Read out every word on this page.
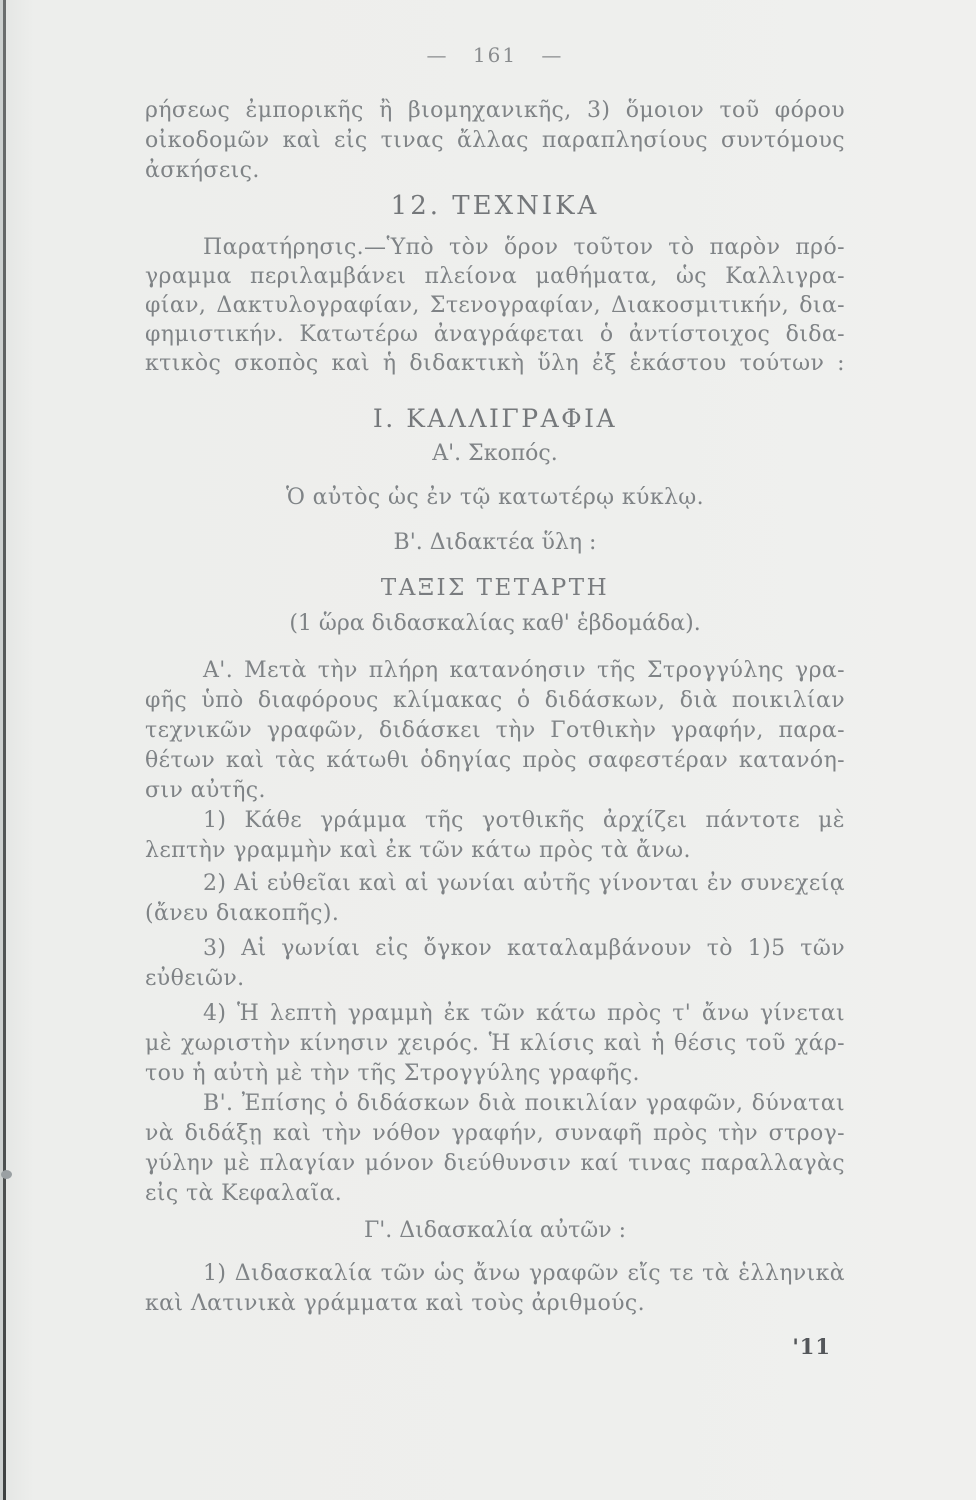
— 161 —
ρήσεως ἐμπορικῆς ἢ βιομηχανικῆς, 3) ὅμοιον τοῦ φόρου
οἰκοδομῶν καὶ εἰς τινας ἄλλας παραπλησίους συντόμους
ἀσκήσεις.
12. ΤΕΧΝΙΚΑ
Παρατήρησις.—Ὑπὸ τὸν ὅρον τοῦτον τὸ παρὸν πρό-
γραμμα περιλαμβάνει πλείονα μαθήματα, ὡς Καλλιγρα-
φίαν, Δακτυλογραφίαν, Στενογραφίαν, Διακοσμιτικήν, δια-
φημιστικήν. Κατωτέρω ἀναγράφεται ὁ ἀντίστοιχος διδα-
κτικὸς σκοπὸς καὶ ἡ διδακτικὴ ὕλη ἐξ ἑκάστου τούτων :
Ι. ΚΑΛΛΙΓΡΑΦΙΑ
Α'. Σκοπός.
Ὁ αὐτὸς ὡς ἐν τῷ κατωτέρῳ κύκλῳ.
Β'. Διδακτέα ὕλη :
ΤΑΞΙΣ ΤΕΤΑΡΤΗ
(1 ὥρα διδασκαλίας καθ' ἑβδομάδα).
Α'. Μετὰ τὴν πλήρη κατανόησιν τῆς Στρογγύλης γρα-
φῆς ὑπὸ διαφόρους κλίμακας ὁ διδάσκων, διὰ ποικιλίαν
τεχνικῶν γραφῶν, διδάσκει τὴν Γοτθικὴν γραφήν, παρα-
θέτων καὶ τὰς κάτωθι ὁδηγίας πρὸς σαφεστέραν κατανόη-
σιν αὐτῆς.
1) Κάθε γράμμα τῆς γοτθικῆς ἀρχίζει πάντοτε μὲ
λεπτὴν γραμμὴν καὶ ἐκ τῶν κάτω πρὸς τὰ ἄνω.
2) Αἱ εὐθεῖαι καὶ αἱ γωνίαι αὐτῆς γίνονται ἐν συνεχείᾳ
(ἄνευ διακοπῆς).
3) Αἱ γωνίαι εἰς ὄγκον καταλαμβάνουν τὸ 1)5 τῶν
εὐθειῶν.
4) Ἡ λεπτὴ γραμμὴ ἐκ τῶν κάτω πρὸς τ' ἄνω γίνεται
μὲ χωριστὴν κίνησιν χειρός. Ἡ κλίσις καὶ ἡ θέσις τοῦ χάρ-
του ἡ αὐτὴ μὲ τὴν τῆς Στρογγύλης γραφῆς.
Β'. Ἐπίσης ὁ διδάσκων διὰ ποικιλίαν γραφῶν, δύναται
νὰ διδάξῃ καὶ τὴν νόθον γραφήν, συναφῆ πρὸς τὴν στρογ-
γύλην μὲ πλαγίαν μόνον διεύθυνσιν καί τινας παραλλαγὰς
εἰς τὰ Κεφαλαῖα.
Γ'. Διδασκαλία αὐτῶν :
1) Διδασκαλία τῶν ὡς ἄνω γραφῶν εἴς τε τὰ ἑλληνικὰ
καὶ Λατινικὰ γράμματα καὶ τοὺς ἀριθμούς.
'11
